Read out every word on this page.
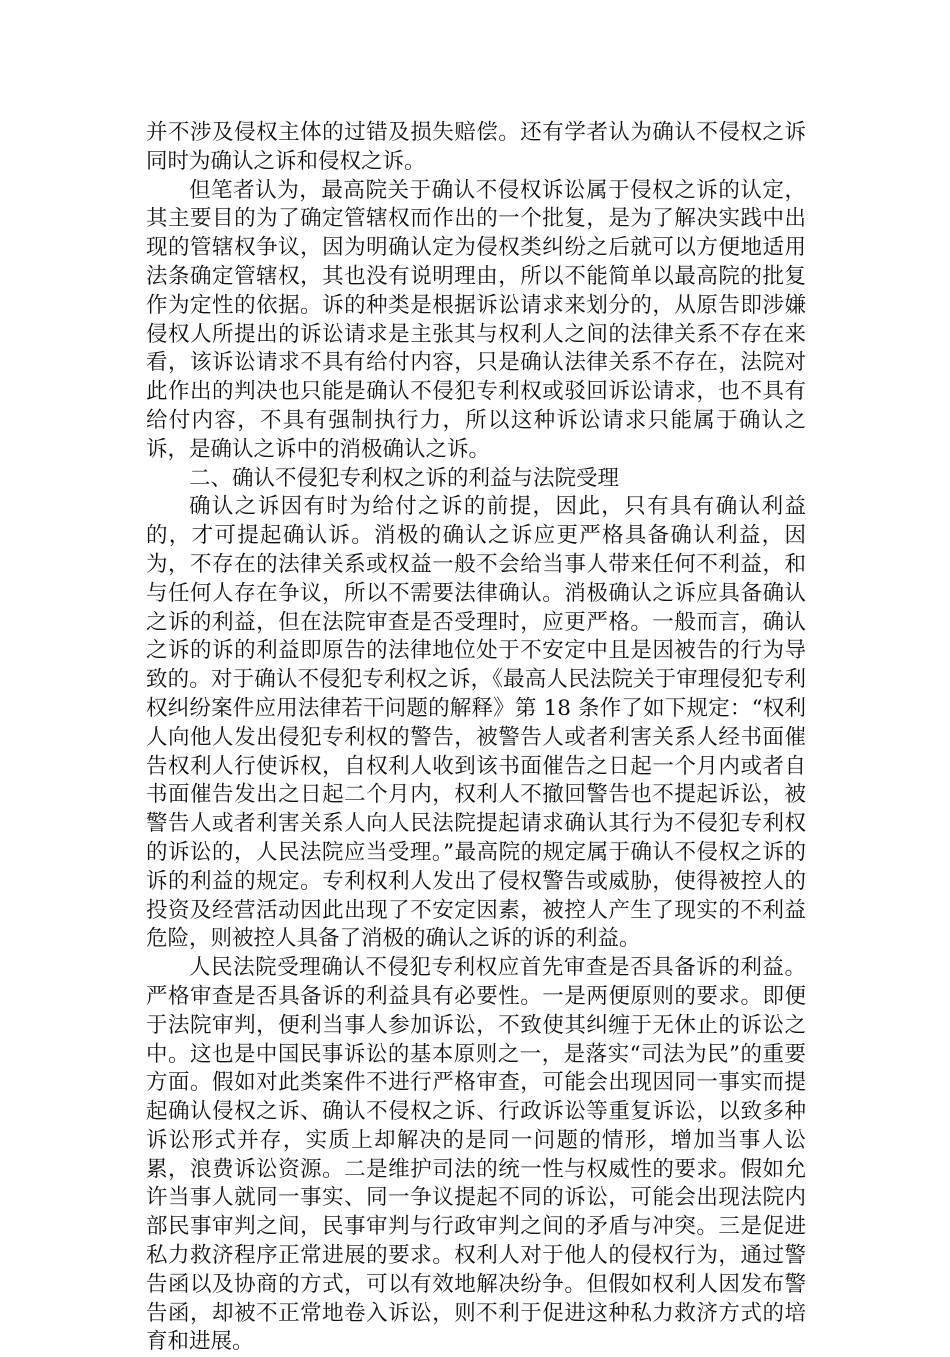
并不涉及侵权主体的过错及损失赔偿。还有学者认为确认不侵权之诉同时为确认之诉和侵权之诉。

但笔者认为，最高院关于确认不侵权诉讼属于侵权之诉的认定，其主要目的为了确定管辖权而作出的一个批复，是为了解决实践中出现的管辖权争议，因为明确认定为侵权类纠纷之后就可以方便地适用法条确定管辖权，其也没有说明理由，所以不能简单以最高院的批复作为定性的依据。诉的种类是根据诉讼请求来划分的，从原告即涉嫌侵权人所提出的诉讼请求是主张其与权利人之间的法律关系不存在来看，该诉讼请求不具有给付内容，只是确认法律关系不存在，法院对此作出的判决也只能是确认不侵犯专利权或驳回诉讼请求，也不具有给付内容，不具有强制执行力，所以这种诉讼请求只能属于确认之诉，是确认之诉中的消极确认之诉。

二、确认不侵犯专利权之诉的利益与法院受理

确认之诉因有时为给付之诉的前提，因此，只有具有确认利益的，才可提起确认诉。消极的确认之诉应更严格具备确认利益，因为，不存在的法律关系或权益一般不会给当事人带来任何不利益，和与任何人存在争议，所以不需要法律确认。消极确认之诉应具备确认之诉的利益，但在法院审查是否受理时，应更严格。一般而言，确认之诉的诉的利益即原告的法律地位处于不安定中且是因被告的行为导致的。对于确认不侵犯专利权之诉，《最高人民法院关于审理侵犯专利权纠纷案件应用法律若干问题的解释》第 18 条作了如下规定：“权利人向他人发出侵犯专利权的警告，被警告人或者利害关系人经书面催告权利人行使诉权，自权利人收到该书面催告之日起一个月内或者自书面催告发出之日起二个月内，权利人不撤回警告也不提起诉讼，被警告人或者利害关系人向人民法院提起请求确认其行为不侵犯专利权的诉讼的，人民法院应当受理。”最高院的规定属于确认不侵权之诉的诉的利益的规定。专利权利人发出了侵权警告或威胁，使得被控人的投资及经营活动因此出现了不安定因素，被控人产生了现实的不利益危险，则被控人具备了消极的确认之诉的诉的利益。

人民法院受理确认不侵犯专利权应首先审查是否具备诉的利益。严格审查是否具备诉的利益具有必要性。一是两便原则的要求。即便于法院审判，便利当事人参加诉讼，不致使其纠缠于无休止的诉讼之中。这也是中国民事诉讼的基本原则之一，是落实“司法为民”的重要方面。假如对此类案件不进行严格审查，可能会出现因同一事实而提起确认侵权之诉、确认不侵权之诉、行政诉讼等重复诉讼，以致多种诉讼形式并存，实质上却解决的是同一问题的情形，增加当事人讼累，浪费诉讼资源。二是维护司法的统一性与权威性的要求。假如允许当事人就同一事实、同一争议提起不同的诉讼，可能会出现法院内部民事审判之间，民事审判与行政审判之间的矛盾与冲突。三是促进私力救济程序正常进展的要求。权利人对于他人的侵权行为，通过警告函以及协商的方式，可以有效地解决纷争。但假如权利人因发布警告函，却被不正常地卷入诉讼，则不利于促进这种私力救济方式的培育和进展。
